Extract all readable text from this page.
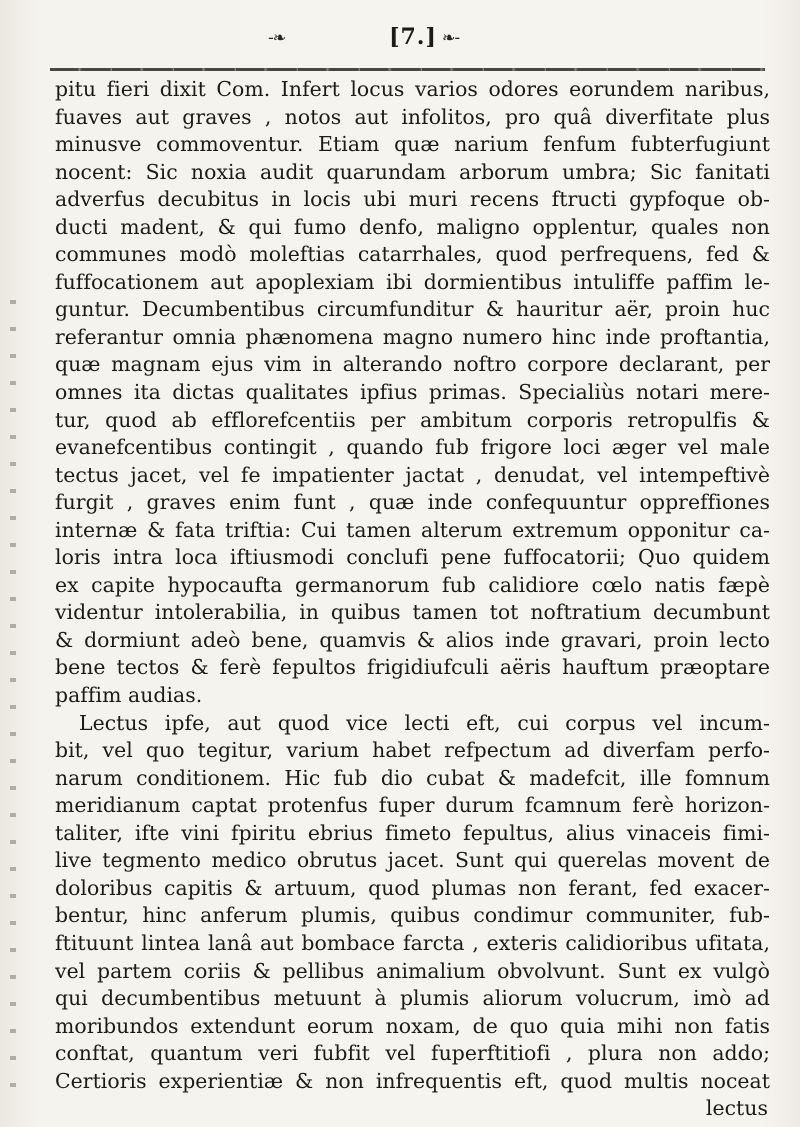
-❧	[7.] ❧-
pitu fieri dixit Com. Infert locus varios odores eorundem naribus,
fuaves aut graves , notos aut infolitos, pro quâ diverfitate plus
minusve commoventur. Etiam quæ narium fenfum fubterfugiunt
nocent: Sic noxia audit quarundam arborum umbra; Sic fanitati
adverfus decubitus in locis ubi muri recens ftructi gypfoque ob-
ducti madent, & qui fumo denfo, maligno opplentur, quales non
communes modò moleftias catarrhales, quod perfrequens, fed &
fuffocationem aut apoplexiam ibi dormientibus intuliffe paffim le-
guntur. Decumbentibus circumfunditur & hauritur aër, proin huc
referantur omnia phænomena magno numero hinc inde proftantia,
quæ magnam ejus vim in alterando noftro corpore declarant, per
omnes ita dictas qualitates ipfius primas. Specialiùs notari mere-
tur, quod ab efflorefcentiis per ambitum corporis retropulfis &
evanefcentibus contingit , quando fub frigore loci æger vel male
tectus jacet, vel fe impatienter jactat , denudat, vel intempeftivè
furgit , graves enim funt , quæ inde confequuntur oppreffiones
internæ & fata triftia: Cui tamen alterum extremum opponitur ca-
loris intra loca iftiusmodi conclufi pene fuffocatorii; Quo quidem
ex capite hypocaufta germanorum fub calidiore cœlo natis fæpè
videntur intolerabilia, in quibus tamen tot noftratium decumbunt
& dormiunt adeò bene, quamvis & alios inde gravari, proin lecto
bene tectos & ferè fepultos frigidiufculi aëris hauftum præoptare
paffim audias.
Lectus ipfe, aut quod vice lecti eft, cui corpus vel incum-
bit, vel quo tegitur, varium habet refpectum ad diverfam perfo-
narum conditionem. Hic fub dio cubat & madefcit, ille fomnum
meridianum captat protenfus fuper durum fcamnum ferè horizon-
taliter, ifte vini fpiritu ebrius fimeto fepultus, alius vinaceis fimi-
live tegmento medico obrutus jacet. Sunt qui querelas movent de
doloribus capitis & artuum, quod plumas non ferant, fed exacer-
bentur, hinc anferum plumis, quibus condimur communiter, fub-
ftituunt lintea lanâ aut bombace farcta , exteris calidioribus ufitata,
vel partem coriis & pellibus animalium obvolvunt. Sunt ex vulgò
qui decumbentibus metuunt à plumis aliorum volucrum, imò ad
moribundos extendunt eorum noxam, de quo quia mihi non fatis
conftat, quantum veri fubfit vel fuperftitiofi , plura non addo;
Certioris experientiæ & non infrequentis eft, quod multis noceat
lectus
